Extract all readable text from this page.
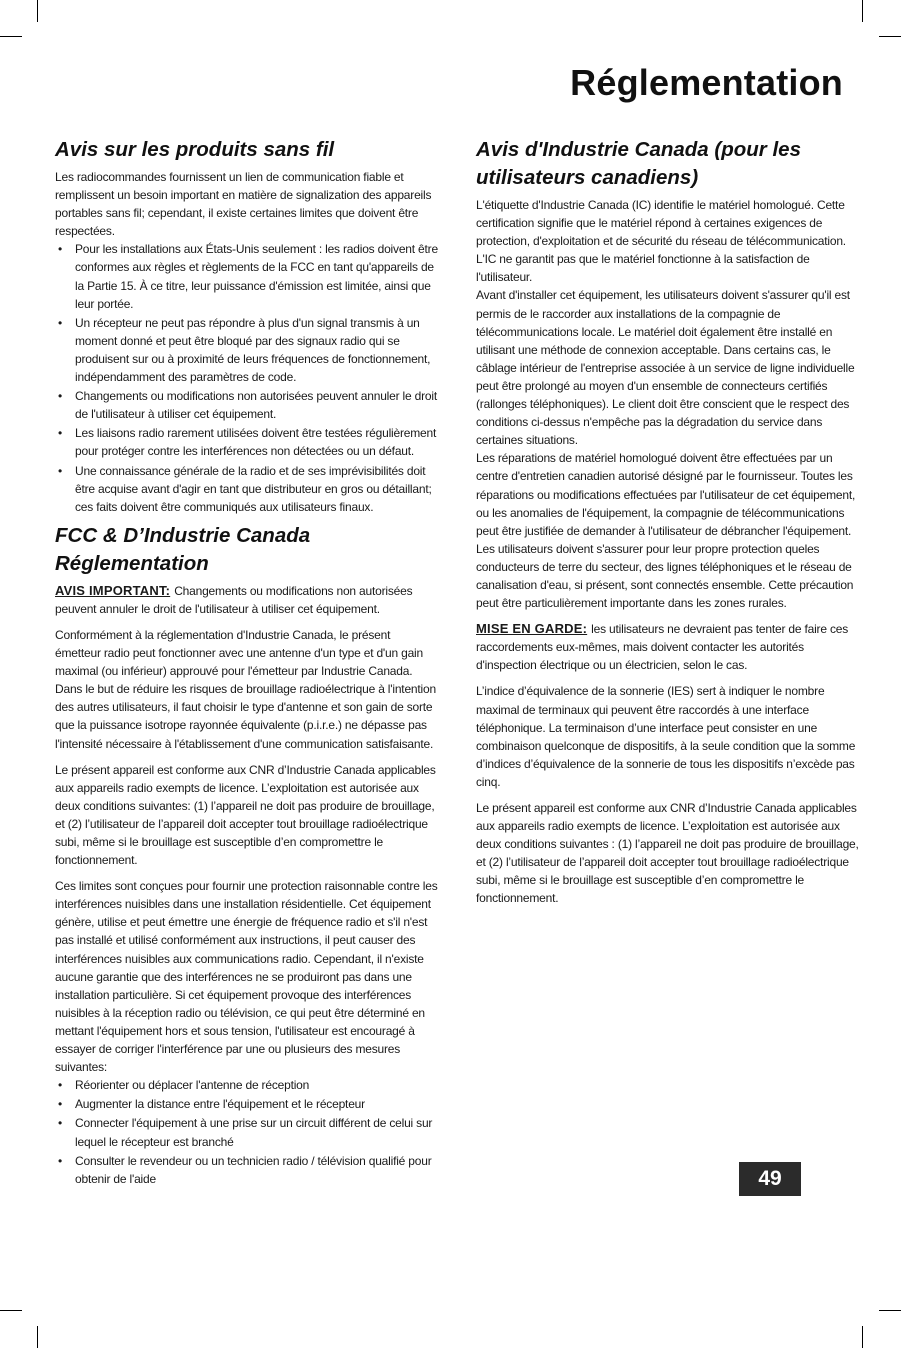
Réglementation
Avis sur les produits sans fil

Les radiocommandes fournissent un lien de communication fiable et remplissent un besoin important en matière de signalization des appareils portables sans fil; cependant, il existe certaines limites que doivent être respectées.

• Pour les installations aux États-Unis seulement : les radios doivent être conformes aux règles et règlements de la FCC en tant qu'appareils de la Partie 15. À ce titre, leur puissance d'émission est limitée, ainsi que leur portée.
• Un récepteur ne peut pas répondre à plus d'un signal transmis à un moment donné et peut être bloqué par des signaux radio qui se produisent sur ou à proximité de leurs fréquences de fonctionnement, indépendamment des paramètres de code.
• Changements ou modifications non autorisées peuvent annuler le droit de l'utilisateur à utiliser cet équipement.
• Les liaisons radio rarement utilisées doivent être testées régulièrement pour protéger contre les interférences non détectées ou un défaut.
• Une connaissance générale de la radio et de ses imprévisibilités doit être acquise avant d'agir en tant que distributeur en gros ou détaillant; ces faits doivent être communiqués aux utilisateurs finaux.
FCC & D’Industrie Canada Réglementation

AVIS IMPORTANT: Changements ou modifications non autorisées peuvent annuler le droit de l'utilisateur à utiliser cet équipement.

Conformément à la réglementation d'Industrie Canada, le présent émetteur radio peut fonctionner avec une antenne d'un type et d'un gain maximal (ou inférieur) approuvé pour l'émetteur par Industrie Canada. Dans le but de réduire les risques de brouillage radioélectrique à l'intention des autres utilisateurs, il faut choisir le type d'antenne et son gain de sorte que la puissance isotrope rayonnée équivalente (p.i.r.e.) ne dépasse pas l'intensité nécessaire à l'établissement d'une communication satisfaisante.

Le présent appareil est conforme aux CNR d’Industrie Canada applicables aux appareils radio exempts de licence. L’exploitation est autorisée aux deux conditions suivantes: (1) l’appareil ne doit pas produire de brouillage, et (2) l’utilisateur de l’appareil doit accepter tout brouillage radioélectrique subi, même si le brouillage est susceptible d’en compromettre le fonctionnement.

Ces limites sont conçues pour fournir une protection raisonnable contre les interférences nuisibles dans une installation résidentielle. Cet équipement génère, utilise et peut émettre une énergie de fréquence radio et s'il n'est pas installé et utilisé conformément aux instructions, il peut causer des interférences nuisibles aux communications radio. Cependant, il n'existe aucune garantie que des interférences ne se produiront pas dans une installation particulière. Si cet équipement provoque des interférences nuisibles à la réception radio ou télévision, ce qui peut être déterminé en mettant l'équipement hors et sous tension, l'utilisateur est encouragé à essayer de corriger l'interférence par une ou plusieurs des mesures suivantes:

• Réorienter ou déplacer l'antenne de réception
• Augmenter la distance entre l'équipement et le récepteur
• Connecter l'équipement à une prise sur un circuit différent de celui sur lequel le récepteur est branché
• Consulter le revendeur ou un technicien radio / télévision qualifié pour obtenir de l'aide
Avis d'Industrie Canada (pour les utilisateurs canadiens)

L'étiquette d'Industrie Canada (IC) identifie le matériel homologué. Cette certification signifie que le matériel répond à certaines exigences de protection, d'exploitation et de sécurité du réseau de télécommunication. L'IC ne garantit pas que le matériel fonctionne à la satisfaction de l'utilisateur.

Avant d'installer cet équipement, les utilisateurs doivent s'assurer qu'il est permis de le raccorder aux installations de la compagnie de télécommunications locale. Le matériel doit également être installé en utilisant une méthode de connexion acceptable. Dans certains cas, le câblage intérieur de l'entreprise associée à un service de ligne individuelle peut être prolongé au moyen d'un ensemble de connecteurs certifiés (rallonges téléphoniques). Le client doit être conscient que le respect des conditions ci-dessus n'empêche pas la dégradation du service dans certaines situations.

Les réparations de matériel homologué doivent être effectuées par un centre d'entretien canadien autorisé désigné par le fournisseur. Toutes les réparations ou modifications effectuées par l'utilisateur de cet équipement, ou les anomalies de l'équipement, la compagnie de télécommunications peut être justifiée de demander à l'utilisateur de débrancher l'équipement. Les utilisateurs doivent s'assurer pour leur propre protection queles conducteurs de terre du secteur, des lignes téléphoniques et le réseau de canalisation d'eau, si présent, sont connectés ensemble. Cette précaution peut être particulièrement importante dans les zones rurales.

MISE EN GARDE: les utilisateurs ne devraient pas tenter de faire ces raccordements eux-mêmes, mais doivent contacter les autorités d'inspection électrique ou un électricien, selon le cas.

L’indice d’équivalence de la sonnerie (IES) sert à indiquer le nombre maximal de terminaux qui peuvent être raccordés à une interface téléphonique. La terminaison d’une interface peut consister en une combinaison quelconque de dispositifs, à la seule condition que la somme d’indices d’équivalence de la sonnerie de tous les dispositifs n’excède pas cinq.

Le présent appareil est conforme aux CNR d’Industrie Canada applicables aux appareils radio exempts de licence. L’exploitation est autorisée aux deux conditions suivantes : (1) l’appareil ne doit pas produire de brouillage, et (2) l’utilisateur de l’appareil doit accepter tout brouillage radioélectrique subi, même si le brouillage est susceptible d’en compromettre le fonctionnement.

49
